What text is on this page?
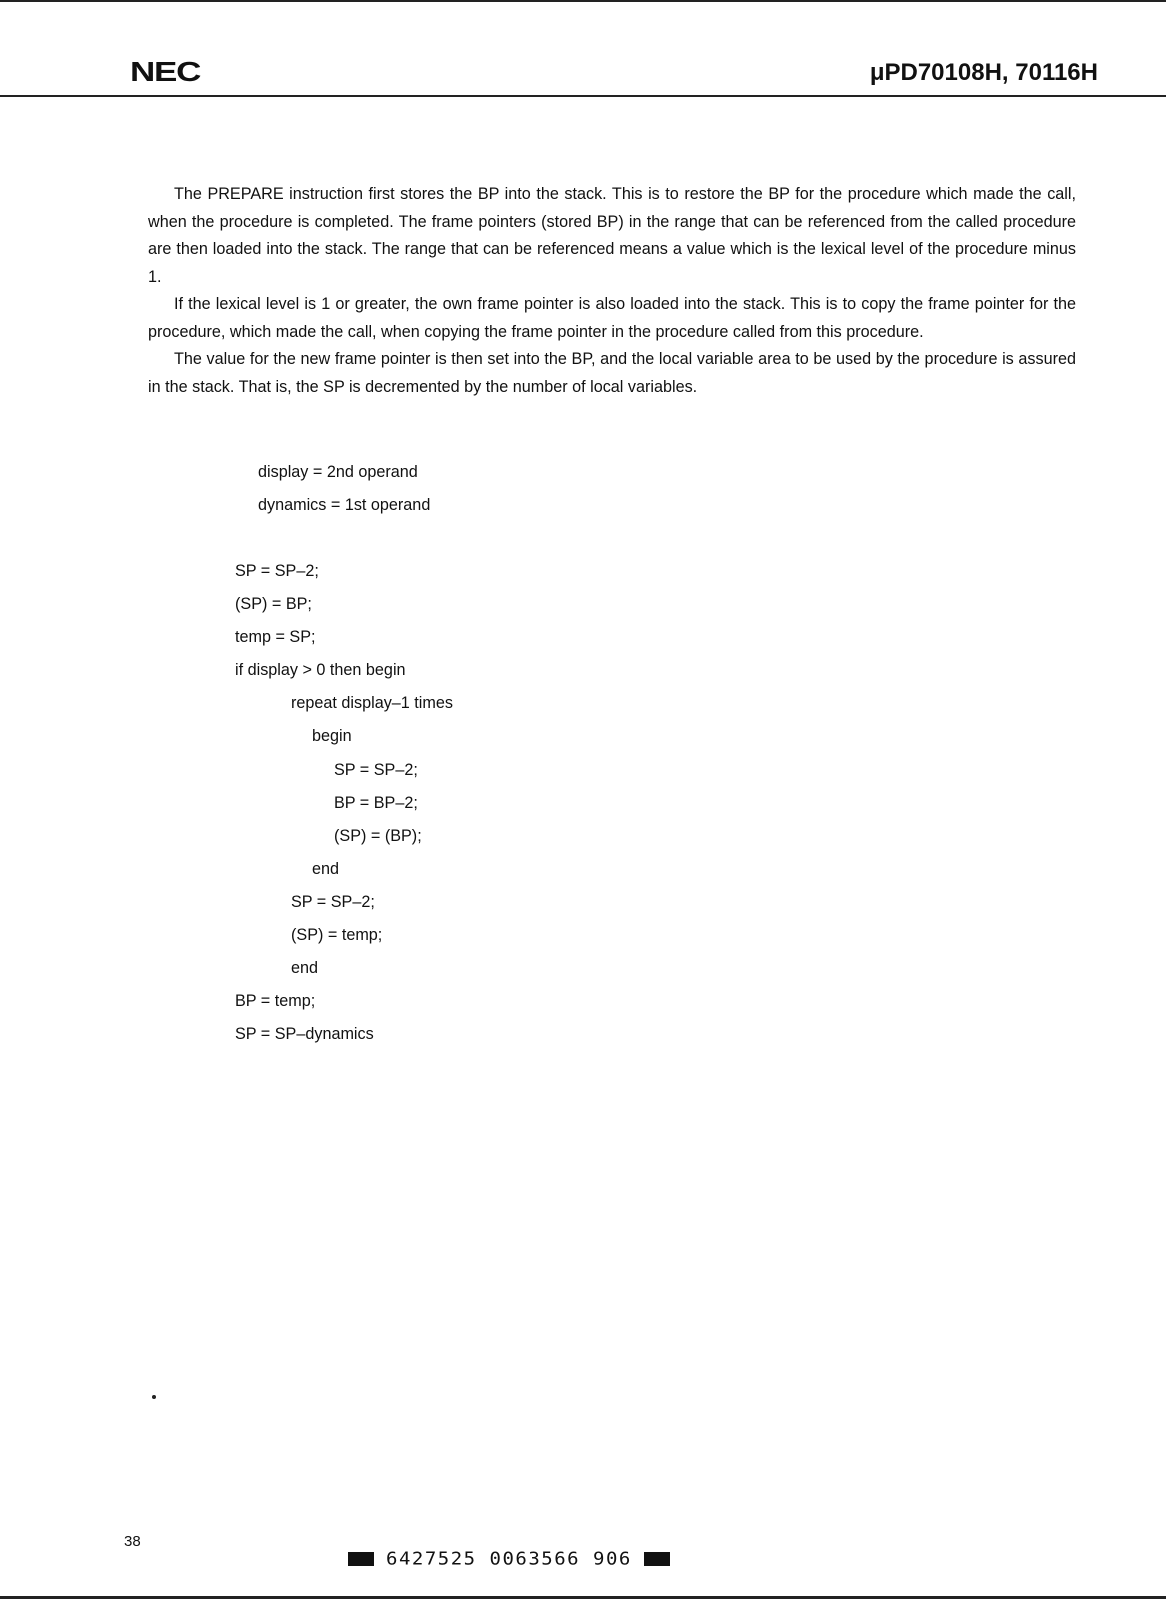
NEC	μPD70108H, 70116H

The PREPARE instruction first stores the BP into the stack. This is to restore the BP for the procedure which made the call, when the procedure is completed. The frame pointers (stored BP) in the range that can be referenced from the called procedure are then loaded into the stack. The range that can be referenced means a value which is the lexical level of the procedure minus 1.

If the lexical level is 1 or greater, the own frame pointer is also loaded into the stack. This is to copy the frame pointer for the procedure, which made the call, when copying the frame pointer in the procedure called from this procedure.

The value for the new frame pointer is then set into the BP, and the local variable area to be used by the procedure is assured in the stack. That is, the SP is decremented by the number of local variables.

display = 2nd operand
dynamics = 1st operand
SP = SP–2;
(SP) = BP;
temp = SP;
if display > 0 then begin
repeat display–1 times
begin
SP = SP–2;
BP = BP–2;
(SP) = (BP);
end
SP = SP–2;
(SP) = temp;
end
BP = temp;
SP = SP–dynamics
38
6427525 0063566 906
